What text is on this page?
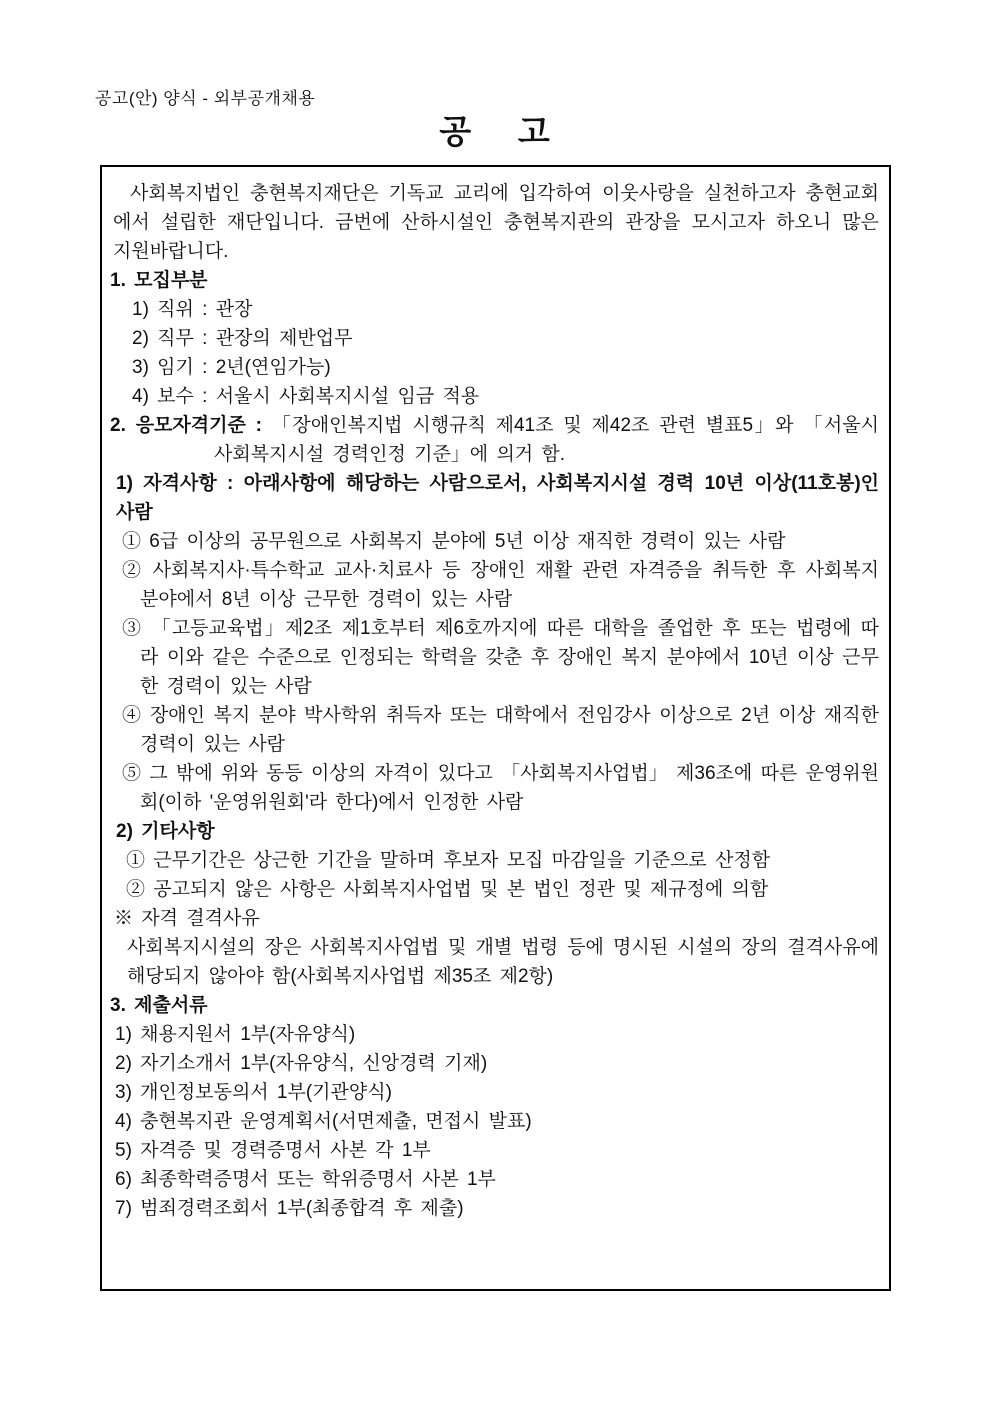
공고(안) 양식 - 외부공개채용
공    고

사회복지법인 충현복지재단은 기독교 교리에 입각하여 이웃사랑을 실천하고자 충현교회에서 설립한 재단입니다. 금번에 산하시설인 충현복지관의 관장을 모시고자 하오니 많은 지원바랍니다.

1. 모집부분
1) 직위 : 관장
2) 직무 : 관장의 제반업무
3) 임기 : 2년(연임가능)
4) 보수 : 서울시 사회복지시설 임금 적용

2. 응모자격기준 : 「장애인복지법 시행규칙 제41조 및 제42조 관련 별표5」와 「서울시 사회복지시설 경력인정 기준」에 의거 함.

1) 자격사항 : 아래사항에 해당하는 사람으로서, 사회복지시설 경력 10년 이상(11호봉)인 사람

① 6급 이상의 공무원으로 사회복지 분야에 5년 이상 재직한 경력이 있는 사람

② 사회복지사·특수학교 교사·치료사 등 장애인 재활 관련 자격증을 취득한 후 사회복지 분야에서 8년 이상 근무한 경력이 있는 사람

③ 「고등교육법」제2조 제1호부터 제6호까지에 따른 대학을 졸업한 후 또는 법령에 따라 이와 같은 수준으로 인정되는 학력을 갖춘 후 장애인 복지 분야에서 10년 이상 근무한 경력이 있는 사람

④ 장애인 복지 분야 박사학위 취득자 또는 대학에서 전임강사 이상으로 2년 이상 재직한 경력이 있는 사람

⑤ 그 밖에 위와 동등 이상의 자격이 있다고 「사회복지사업법」 제36조에 따른 운영위원회(이하 '운영위원회'라 한다)에서 인정한 사람

2) 기타사항
① 근무기간은 상근한 기간을 말하며 후보자 모집 마감일을 기준으로 산정함
② 공고되지 않은 사항은 사회복지사업법 및 본 법인 정관 및 제규정에 의함
※ 자격 결격사유

사회복지시설의 장은 사회복지사업법 및 개별 법령 등에 명시된 시설의 장의 결격사유에 해당되지 않아야 함(사회복지사업법 제35조 제2항)

3. 제출서류
1) 채용지원서 1부(자유양식)
2) 자기소개서 1부(자유양식, 신앙경력 기재)
3) 개인정보동의서 1부(기관양식)
4) 충현복지관 운영계획서(서면제출, 면접시 발표)
5) 자격증 및 경력증명서 사본 각 1부
6) 최종학력증명서 또는 학위증명서 사본 1부
7) 범죄경력조회서 1부(최종합격 후 제출)
